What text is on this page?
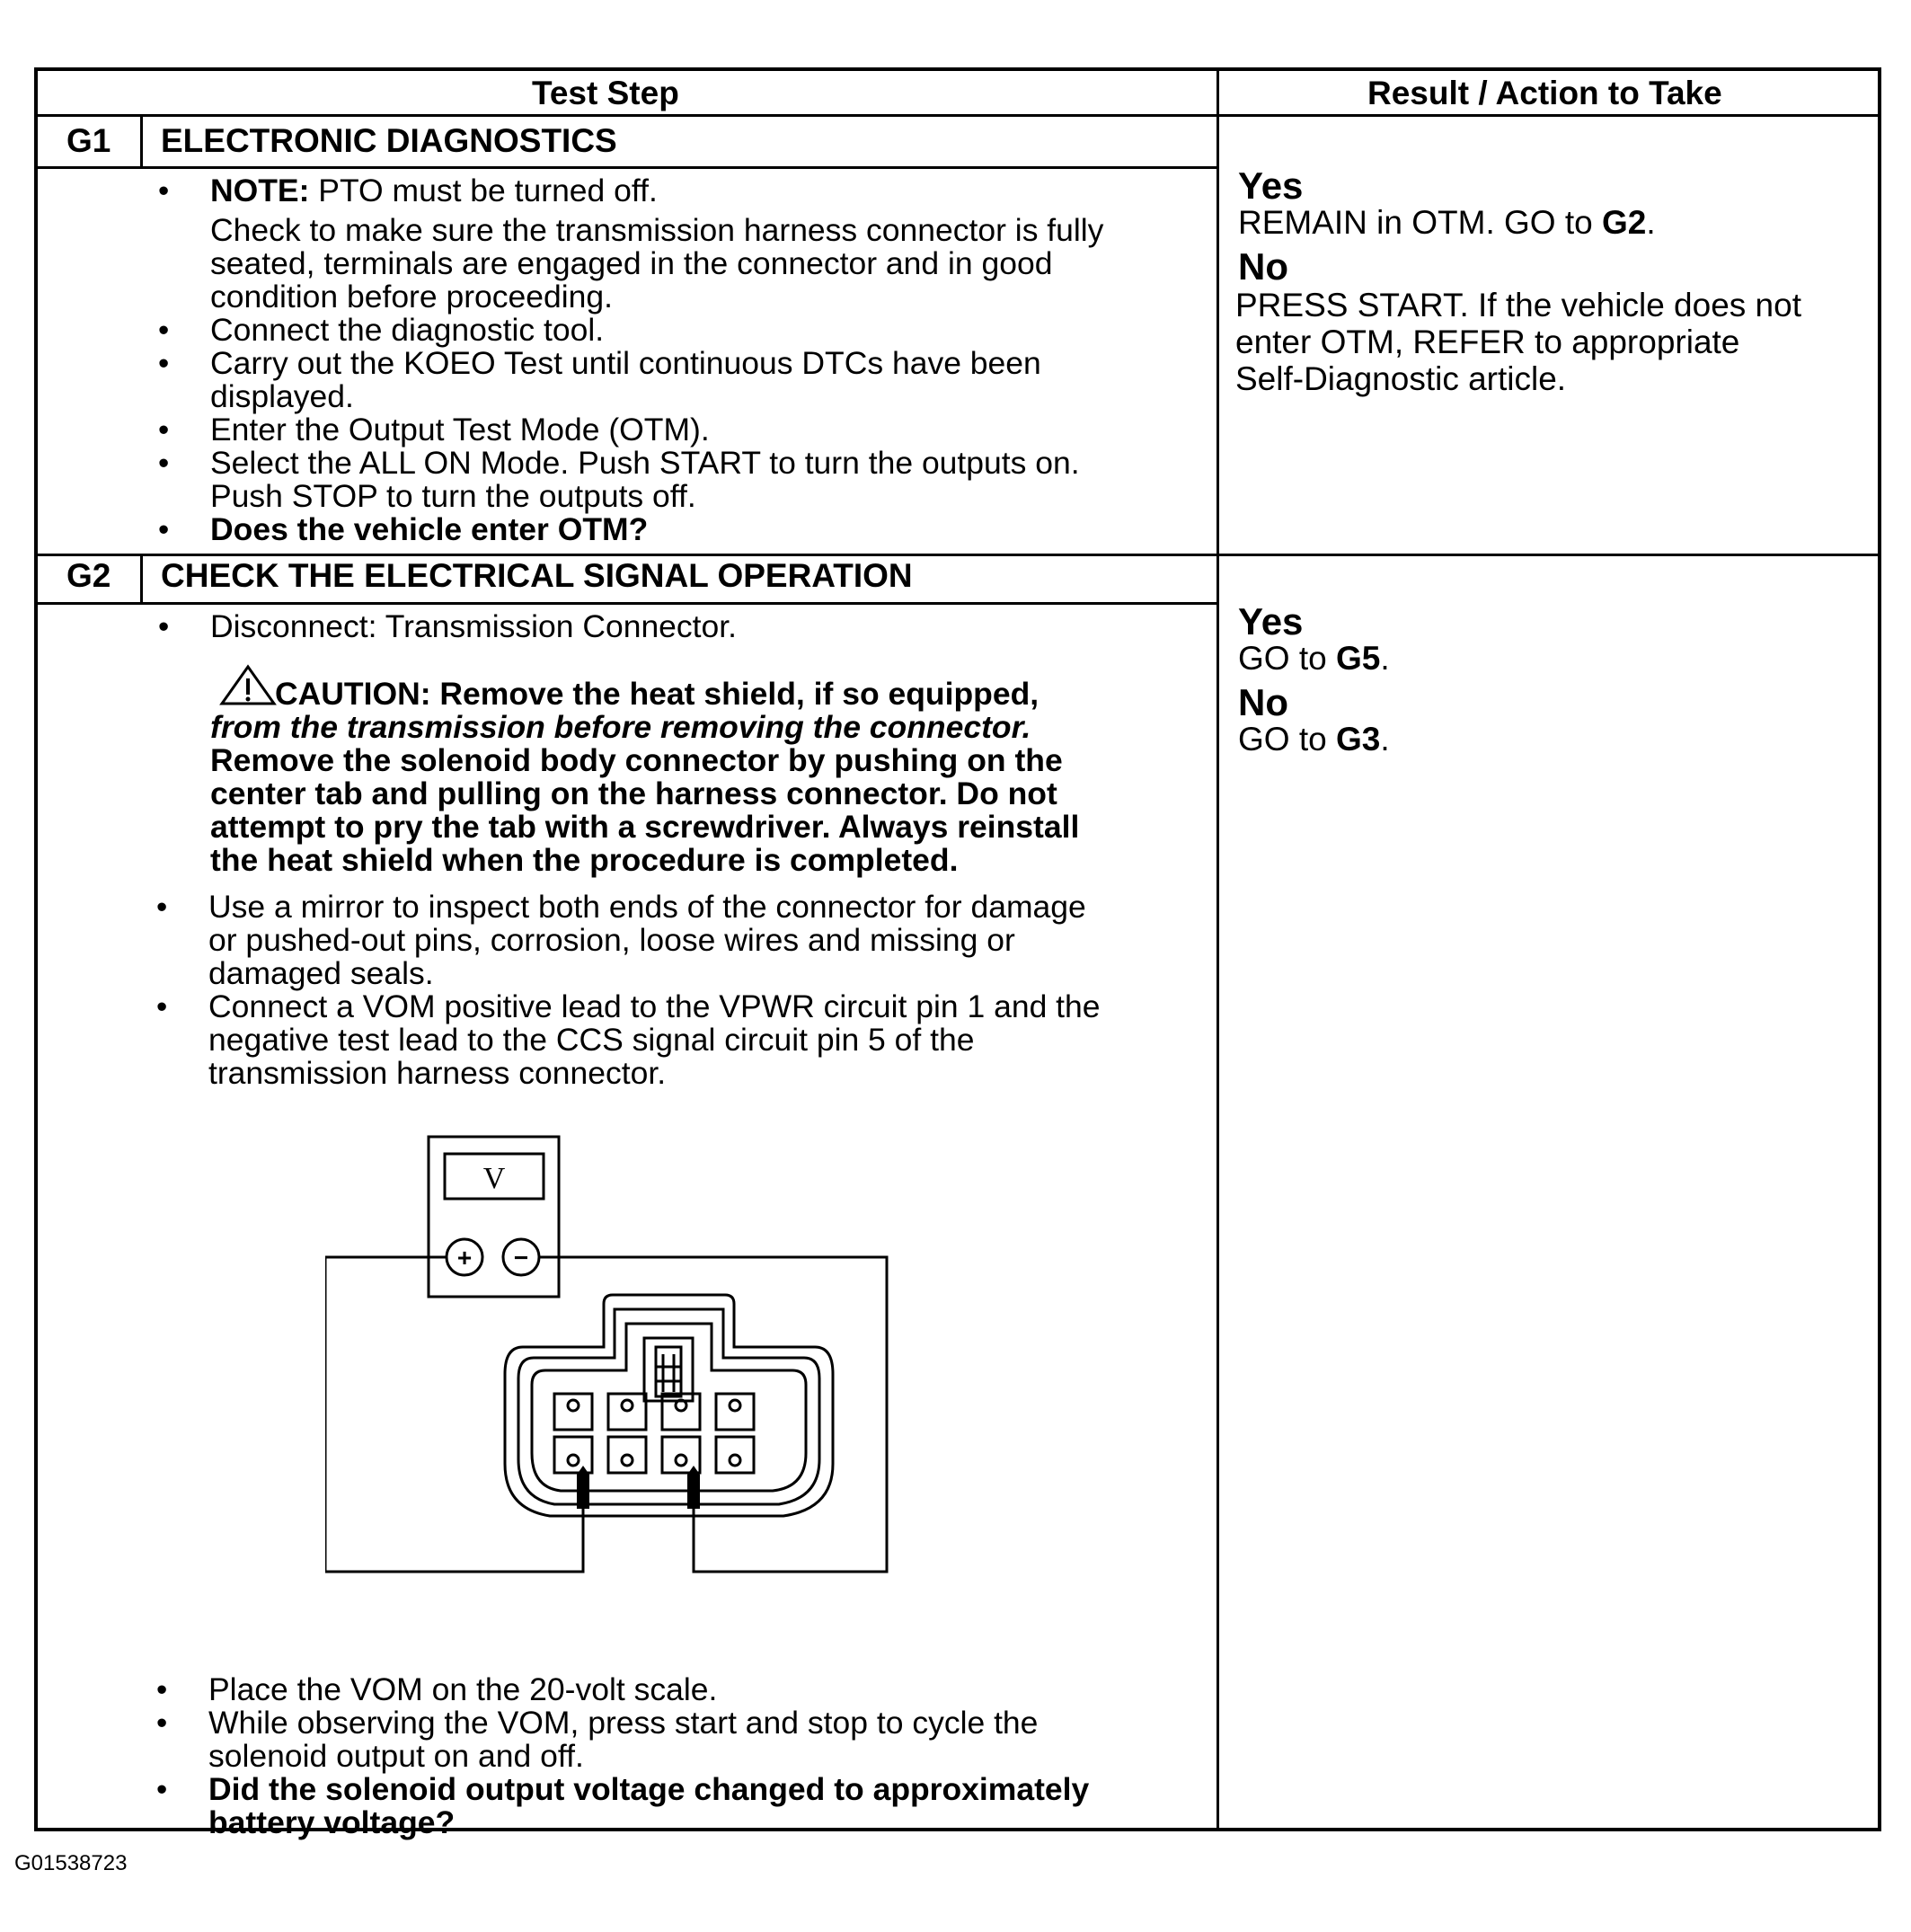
Test Step	Result / Action to Take
G1 ELECTRONIC DIAGNOSTICS
• NOTE: PTO must be turned off.
Check to make sure the transmission harness connector is fully
seated, terminals are engaged in the connector and in good
condition before proceeding.
• Connect the diagnostic tool.
• Carry out the KOEO Test until continuous DTCs have been
displayed.
• Enter the Output Test Mode (OTM).
• Select the ALL ON Mode. Push START to turn the outputs on.
Push STOP to turn the outputs off.
• Does the vehicle enter OTM?
Yes
REMAIN in OTM. GO to G2.
No
PRESS START. If the vehicle does not
enter OTM, REFER to appropriate
Self-Diagnostic article.
G2 CHECK THE ELECTRICAL SIGNAL OPERATION
• Disconnect: Transmission Connector.
CAUTION: Remove the heat shield, if so equipped,
from the transmission before removing the connector.
Remove the solenoid body connector by pushing on the
center tab and pulling on the harness connector. Do not
attempt to pry the tab with a screwdriver. Always reinstall
the heat shield when the procedure is completed.
• Use a mirror to inspect both ends of the connector for damage
or pushed-out pins, corrosion, loose wires and missing or
damaged seals.
• Connect a VOM positive lead to the VPWR circuit pin 1 and the
negative test lead to the CCS signal circuit pin 5 of the
transmission harness connector.
V
+ −
• Place the VOM on the 20-volt scale.
• While observing the VOM, press start and stop to cycle the
solenoid output on and off.
• Did the solenoid output voltage changed to approximately
battery voltage?
Yes
GO to G5.
No
GO to G3.
G01538723
